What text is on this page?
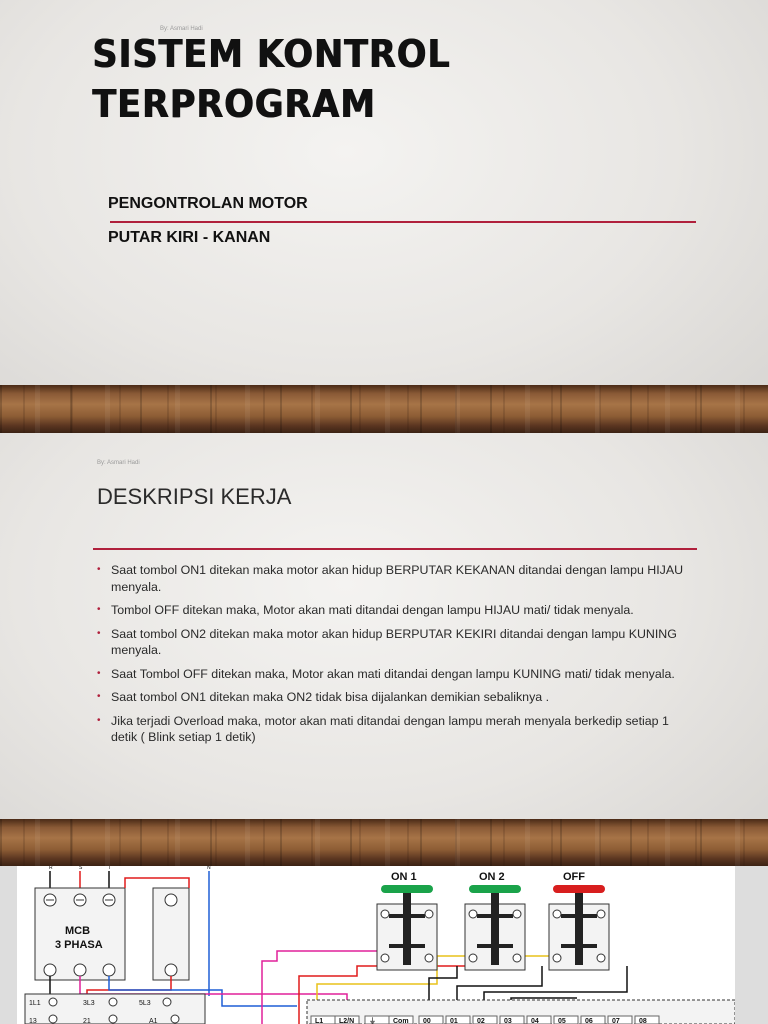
By: Asmari Hadi
SISTEM KONTROL
TERPROGRAM
PENGONTROLAN MOTOR
PUTAR KIRI - KANAN
By: Asmari Hadi
DESKRIPSI KERJA
• Saat tombol ON1 ditekan maka motor akan hidup BERPUTAR KEKANAN ditandai dengan lampu HIJAU menyala.
• Tombol OFF ditekan maka, Motor akan mati ditandai dengan lampu HIJAU mati/ tidak menyala.
• Saat tombol ON2 ditekan maka motor akan hidup BERPUTAR KEKIRI ditandai dengan lampu KUNING menyala.
• Saat Tombol OFF ditekan maka, Motor akan mati ditandai dengan lampu KUNING mati/ tidak menyala.
• Saat tombol ON1 ditekan maka ON2 tidak bisa dijalankan demikian sebaliknya .
• Jika terjadi Overload maka, motor akan mati ditandai dengan lampu merah menyala berkedip setiap 1 detik ( Blink setiap 1 detik)
R	S	T	N
MCB
3 PHASA
1L1	3L3	5L3
13	21	A1
ON 1	ON 2	OFF
L1 L2/N ⏚ Com 00	01	02	03	04	05	06	07	08
